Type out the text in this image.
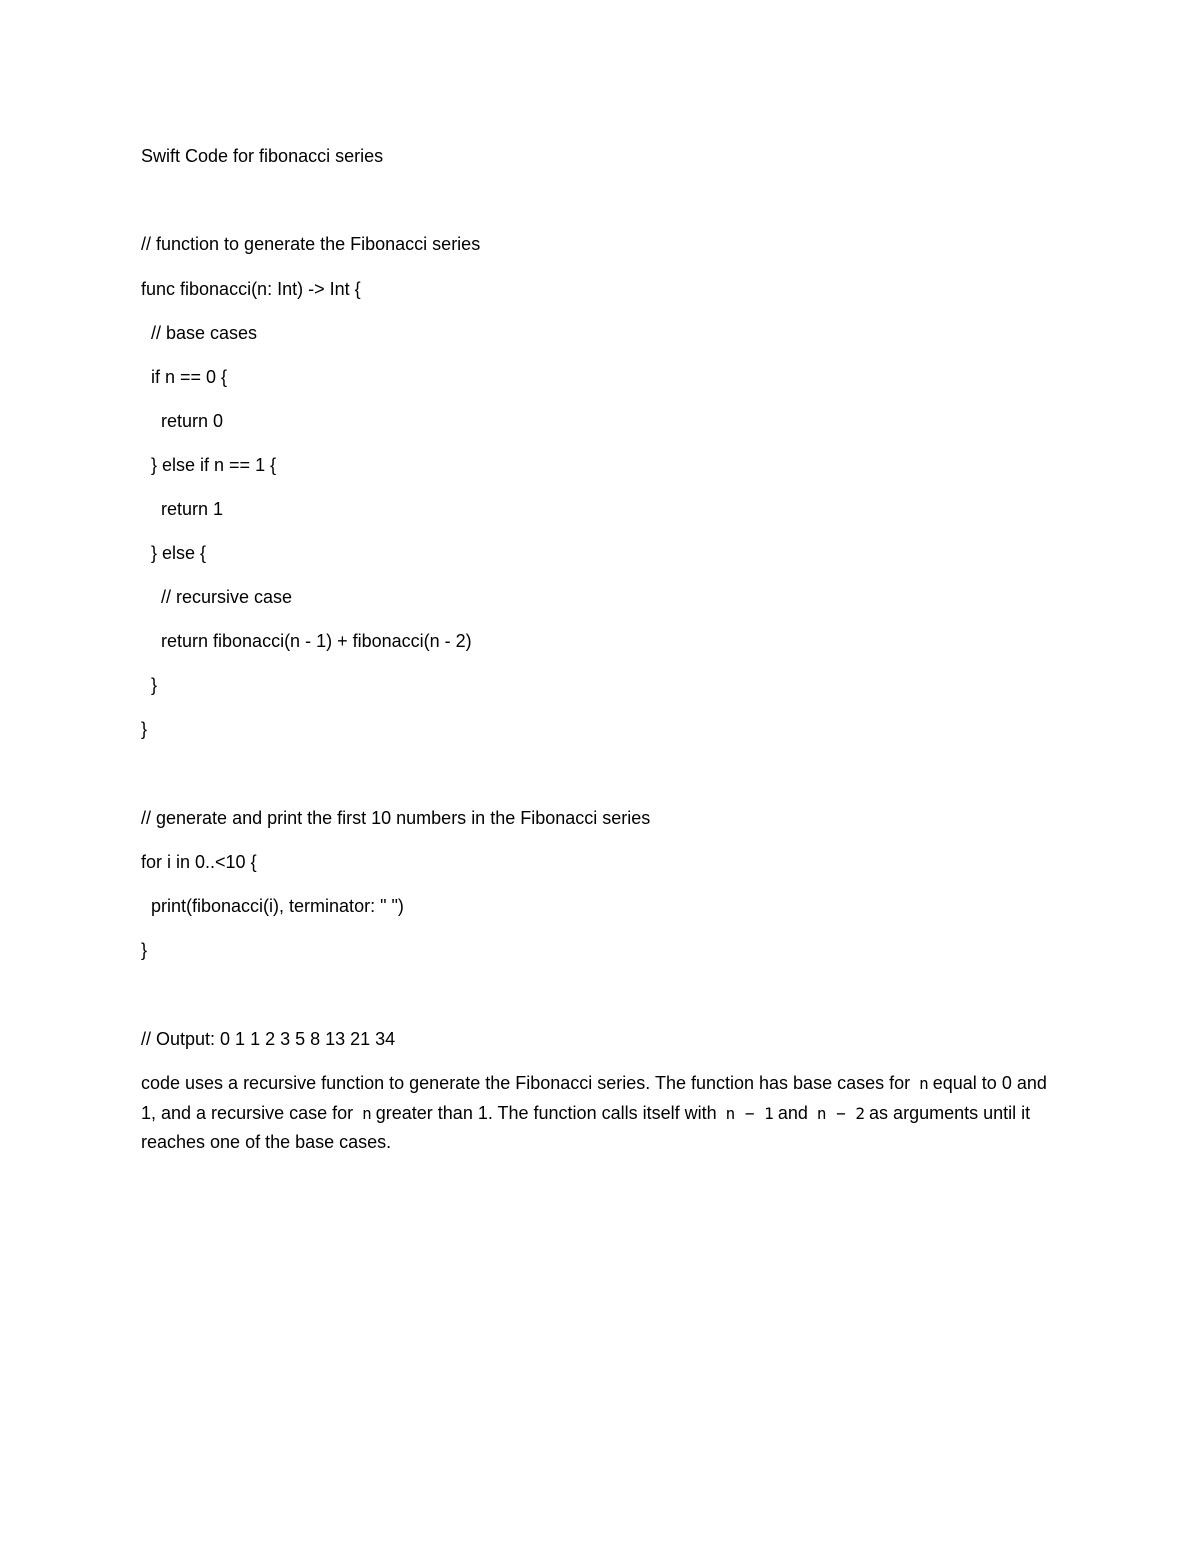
Swift Code for fibonacci series
// function to generate the Fibonacci series
func fibonacci(n: Int) -> Int {
// base cases
if n == 0 {
return 0
} else if n == 1 {
return 1
} else {
// recursive case
return fibonacci(n - 1) + fibonacci(n - 2)
}
}
// generate and print the first 10 numbers in the Fibonacci series
for i in 0..<10 {
print(fibonacci(i), terminator: " ")
}
// Output: 0 1 1 2 3 5 8 13 21 34
code uses a recursive function to generate the Fibonacci series. The function has base cases for n equal to 0 and 1, and a recursive case for n greater than 1. The function calls itself with n − 1 and n − 2 as arguments until it reaches one of the base cases.
